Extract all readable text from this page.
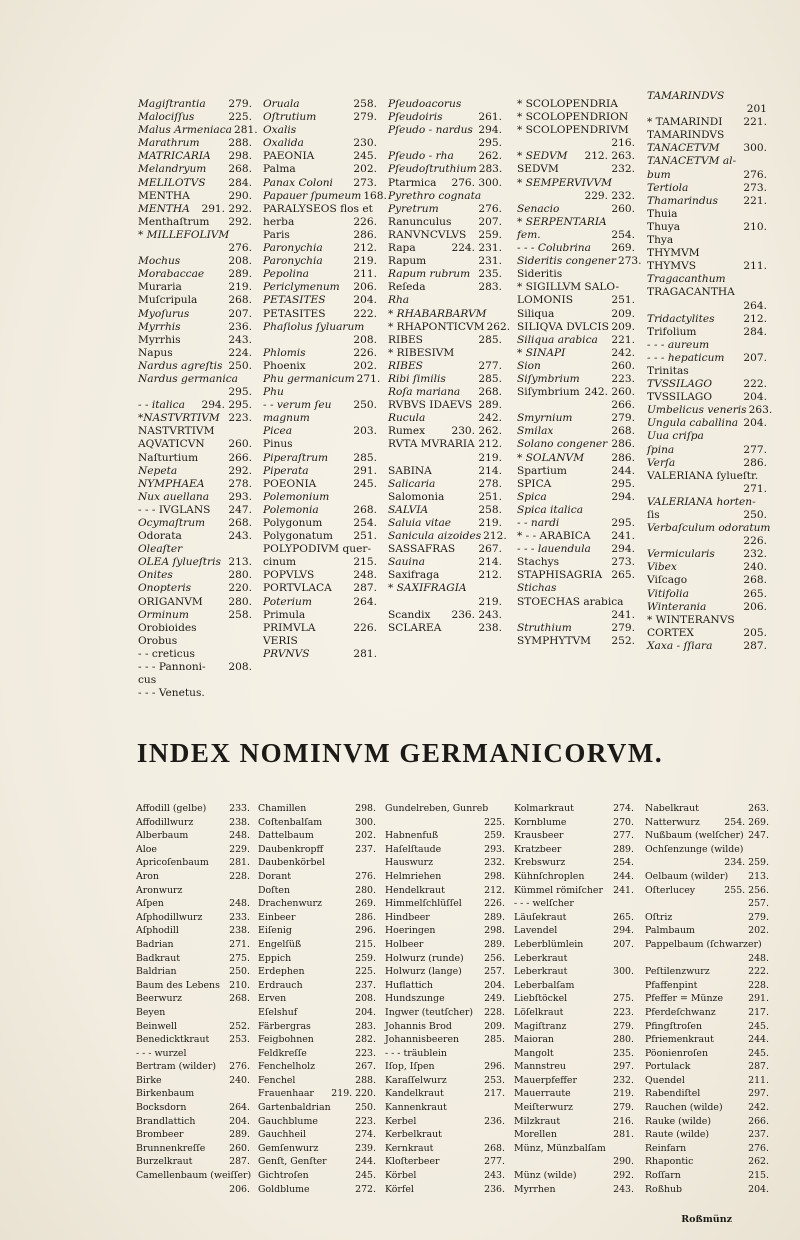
Magiſtrantia 279.
Malociſſus	225.
Malus Armeniaca 281.
Marathrum	288.
MATRICARIA 298.
Melandryum 268.
MELILOTVS 284.
MENTHA	290.
MENTHA 291. 292.
Menthaſtrum 292.
* MILLEFOLIVM
276.
Mochus	208.
Morabaccae 289.
Muraria	219.
Muſcripula	268.
Myoſurus	207.
Myrrhis	236.
Myrrhis	243.
Napus	224.
Nardus agreſtis 250.
Nardus germanica
295.
- - italica 294. 295.
*NASTVRTIVM 223.
NASTVRTIVM
AQVATICVN 260.
Naſturtium	266.
Nepeta	292.
NYMPHAEA 278.
Nux auellana 293.
- - - IVGLANS 247.
Ocymaſtrum 268.
Odorata	243.
Oleaſter
OLEA ſylueſtris 213.
Onites	280.
Onopteris	220.
ORIGANVM 280.
Orminum	258.
Orobioides
Orobus
- - creticus
- - - Pannoni- 208.
cus
- - - Venetus.
Oruala	258.
Oſtrutium	279.
Oxalis
Oxalida	230.
PAEONIA	245.
Palma	202.
Panax Coloni 273.
Papauer ſpumeum 168.
PARALYSEOS flos et
herba	226.
Paris	286.
Paronychia	212.
Paronychia	219.
Pepolina	211.
Periclymenum 206.
PETASITES	204.
PETASITES	222.
Phaſiolus ſyluarum
208.
Phlomis	226.
Phoenix	202.
Phu germanicum 271.
Phu
- - verum ſeu 250.
magnum
Picea	203.
Pinus
Piperaſtrum 285.
Piperata	291.
POEONIA	245.
Polemonium
Polemonia	268.
Polygonum	254.
Polygonatum 251.
POLYPODIVM quer-
cinum	215.
POPVLVS	248.
PORTVLACA 287.
Poterium	264.
Primula
PRIMVLA	226.
VERIS
PRVNVS	281.
Pſeudoacorus
Pſeudoiris	261.
Pſeudo - nardus 294.
295.
Pſeudo - rha 262.
Pſeudoſtruthium 283.
Ptarmica 276. 300.
Pyrethro cognata
Pyretrum	276.
Ranunculus	207.
RANVNCVLVS 259.
Rapa	224. 231.
Rapum	231.
Rapum rubrum 235.
Reſeda	283.
Rha
* RHABARBARVM
* RHAPONTICVM 262.
RIBES	285.
* RIBESIVM
RIBES	277.
Ribi ſimilis	285.
Roſa mariana 268.
RVBVS IDAEVS 289.
Rucula	242.
Rumex 230. 262.
RVTA MVRARIA 212.
219.
SABINA	214.
Salicaria	278.
Salomonia	251.
SALVIA	258.
Saluia vitae	219.
Sanicula aizoides 212.
SASSAFRAS 267.
Sauina	214.
Saxifraga	212.
* SAXIFRAGIA
219.
Scandix 236. 243.
SCLAREA	238.
* SCOLOPENDRIA
* SCOLOPENDRION
* SCOLOPENDRIVM
216.
* SEDVM 212. 263.
SEDVM	232.
* SEMPERVIVVM
229. 232.
Senacio	260.
* SERPENTARIA
fem.	254.
- - - Colubrina 269.
Sideritis congener 273.
Sideritis
* SIGILLVM SALO-
LOMONIS	251.
Siliqua	209.
SILIQVA DVLCIS 209.
Siliqua arabica 221.
* SINAPI	242.
Sion	260.
Siſymbrium	223.
Siſymbrium 242. 260.
266.
Smyrnium	279.
Smilax	268.
Solano congener 286.
* SOLANVM	286.
Spartium	244.
SPICA	295.
Spica	294.
Spica italica
- - nardi	295.
* - - ARABICA 241.
- - - lauendula 294.
Stachys	273.
STAPHISAGRIA 265.
Stichas
STOECHAS arabica
241.
Struthium	279.
SYMPHYTVM 252.
TAMARINDVS
201
* TAMARINDI 221.
TAMARINDVS
TANACETVM 300.
TANACETVM al-
bum	276.
Tertiola	273.
Thamarindus 221.
Thuia
Thuya	210.
Thya
THYMVM
THYMVS	211.
Tragacanthum
TRAGACANTHA
264.
Tridactylites	212.
Trifolium	284.
- - - aureum
- - - hepaticum 207.
Trinitas
TVSSILAGO	222.
TVSSILAGO	204.
Umbelicus veneris 263.
Ungula caballina 204.
Uua criſpa
ſpina	277.
Verſa	286.
VALERIANA ſylueſtr.
271.
VALERIANA horten-
ſis	250.
Verbaſculum odoratum
226.
Vermicularis	232.
Vibex	240.
Viſcago	268.
Vitifolia	265.
Winterania	206.
* WINTERANVS
CORTEX	205.
Xaxa - ſſiara	287.
INDEX NOMINVM GERMANICORVM.
Affodill (gelbe) 233.
Affodillwurz	238.
Alberbaum	248.
Aloe	229.
Apricoſenbaum 281.
Aron	228.
Aronwurz
Aſpen	248.
Aſphodillwurz	233.
Aſphodill	238.
Badrian	271.
Badkraut	275.
Baldrian	250.
Baum des Lebens 210.
Beerwurz	268.
Beyen
Beinwell	252.
Benedicktkraut 253.
- - - wurzel
Bertram (wilder) 276.
Birke	240.
Birkenbaum
Bocksdorn	264.
Brandlattich	204.
Brombeer	289.
Brunnenkreſſe	260.
Burzelkraut	287.
Camellenbaum (weiſſer)
206.
Chamillen	298.
Coſtenbalſam	300.
Dattelbaum	202.
Daubenkropff	237.
Daubenkörbel
Dorant	276.
Doſten	280.
Drachenwurz	269.
Einbeer	286.
Eiſenig	296.
Engelſüß	215.
Eppich	259.
Erdephen	225.
Erdrauch	237.
Erven	208.
Eſelshuf	204.
Färbergras	283.
Feigbohnen	282.
Feldkreſſe	223.
Fenchelholz	267.
Fenchel	288.
Frauenhaar 219. 220.
Gartenbaldrian	250.
Gauchblume	223.
Gauchheil	274.
Gemſenwurz	239.
Genſt, Genſter	244.
Gichtroſen	245.
Goldblume	272.
Gundelreben, Gunreb
225.
Habnenfuß	259.
Haſelſtaude	293.
Hauswurz	232.
Helmriehen	298.
Hendelkraut	212.
Himmelſchlüſſel 226.
Hindbeer	289.
Hoeringen	298.
Holbeer	289.
Holwurz (runde) 256.
Holwurz (lange) 257.
Huflattich	204.
Hundszunge	249.
Ingwer (teutſcher) 228.
Johannis Brod	209.
Johannisbeeren	285.
- - - träublein
Iſop, Iſpen	296.
Karaſſelwurz	253.
Kandelkraut	217.
Kannenkraut
Kerbel	236.
Kerbelkraut
Kernkraut	268.
Kloſterbeer	277.
Körbel	243.
Körfel	236.
Kolmarkraut	274.
Kornblume	270.
Krausbeer	277.
Kratzbeer	289.
Krebswurz	254.
Kühnſchroplen	244.
Kümmel römiſcher 241.
- - - welſcher
Läuſekraut	265.
Lavendel	294.
Leberblümlein	207.
Leberkraut
Leberkraut	300.
Leberbalſam
Liebſtöckel	275.
Löſelkraut	223.
Magiſtranz	279.
Maioran	280.
Mangolt	235.
Mannstreu	297.
Mauerpfeffer	232.
Mauerraute	219.
Meiſterwurz	279.
Milzkraut	216.
Morellen	281.
Münz, Münzbalſam
290.
Münz (wilde)	292.
Myrrhen	243.
Nabelkraut	263.
Natterwurz	254. 269.
Nußbaum (welſcher) 247.
Ochſenzunge (wilde)
234. 259.
Oelbaum (wilder) 213.
Oſterlucey	255. 256.
257.
Oſtriz	279.
Palmbaum	202.
Pappelbaum (ſchwarzer)
248.
Peſtilenzwurz	222.
Pfaffenpint	228.
Pfeffer = Münze	291.
Pferdeſchwanz	217.
Pfingſtroſen	245.
Pfriemenkraut	244.
Pöonienroſen	245.
Portulack	287.
Quendel	211.
Rabendiſtel	297.
Rauchen (wilde)	242.
Rauke (wilde)	266.
Raute (wilde)	237.
Reinfarn	276.
Rhapontic	262.
Roſſarn	215.
Roßhub	204.
Roßmünz
